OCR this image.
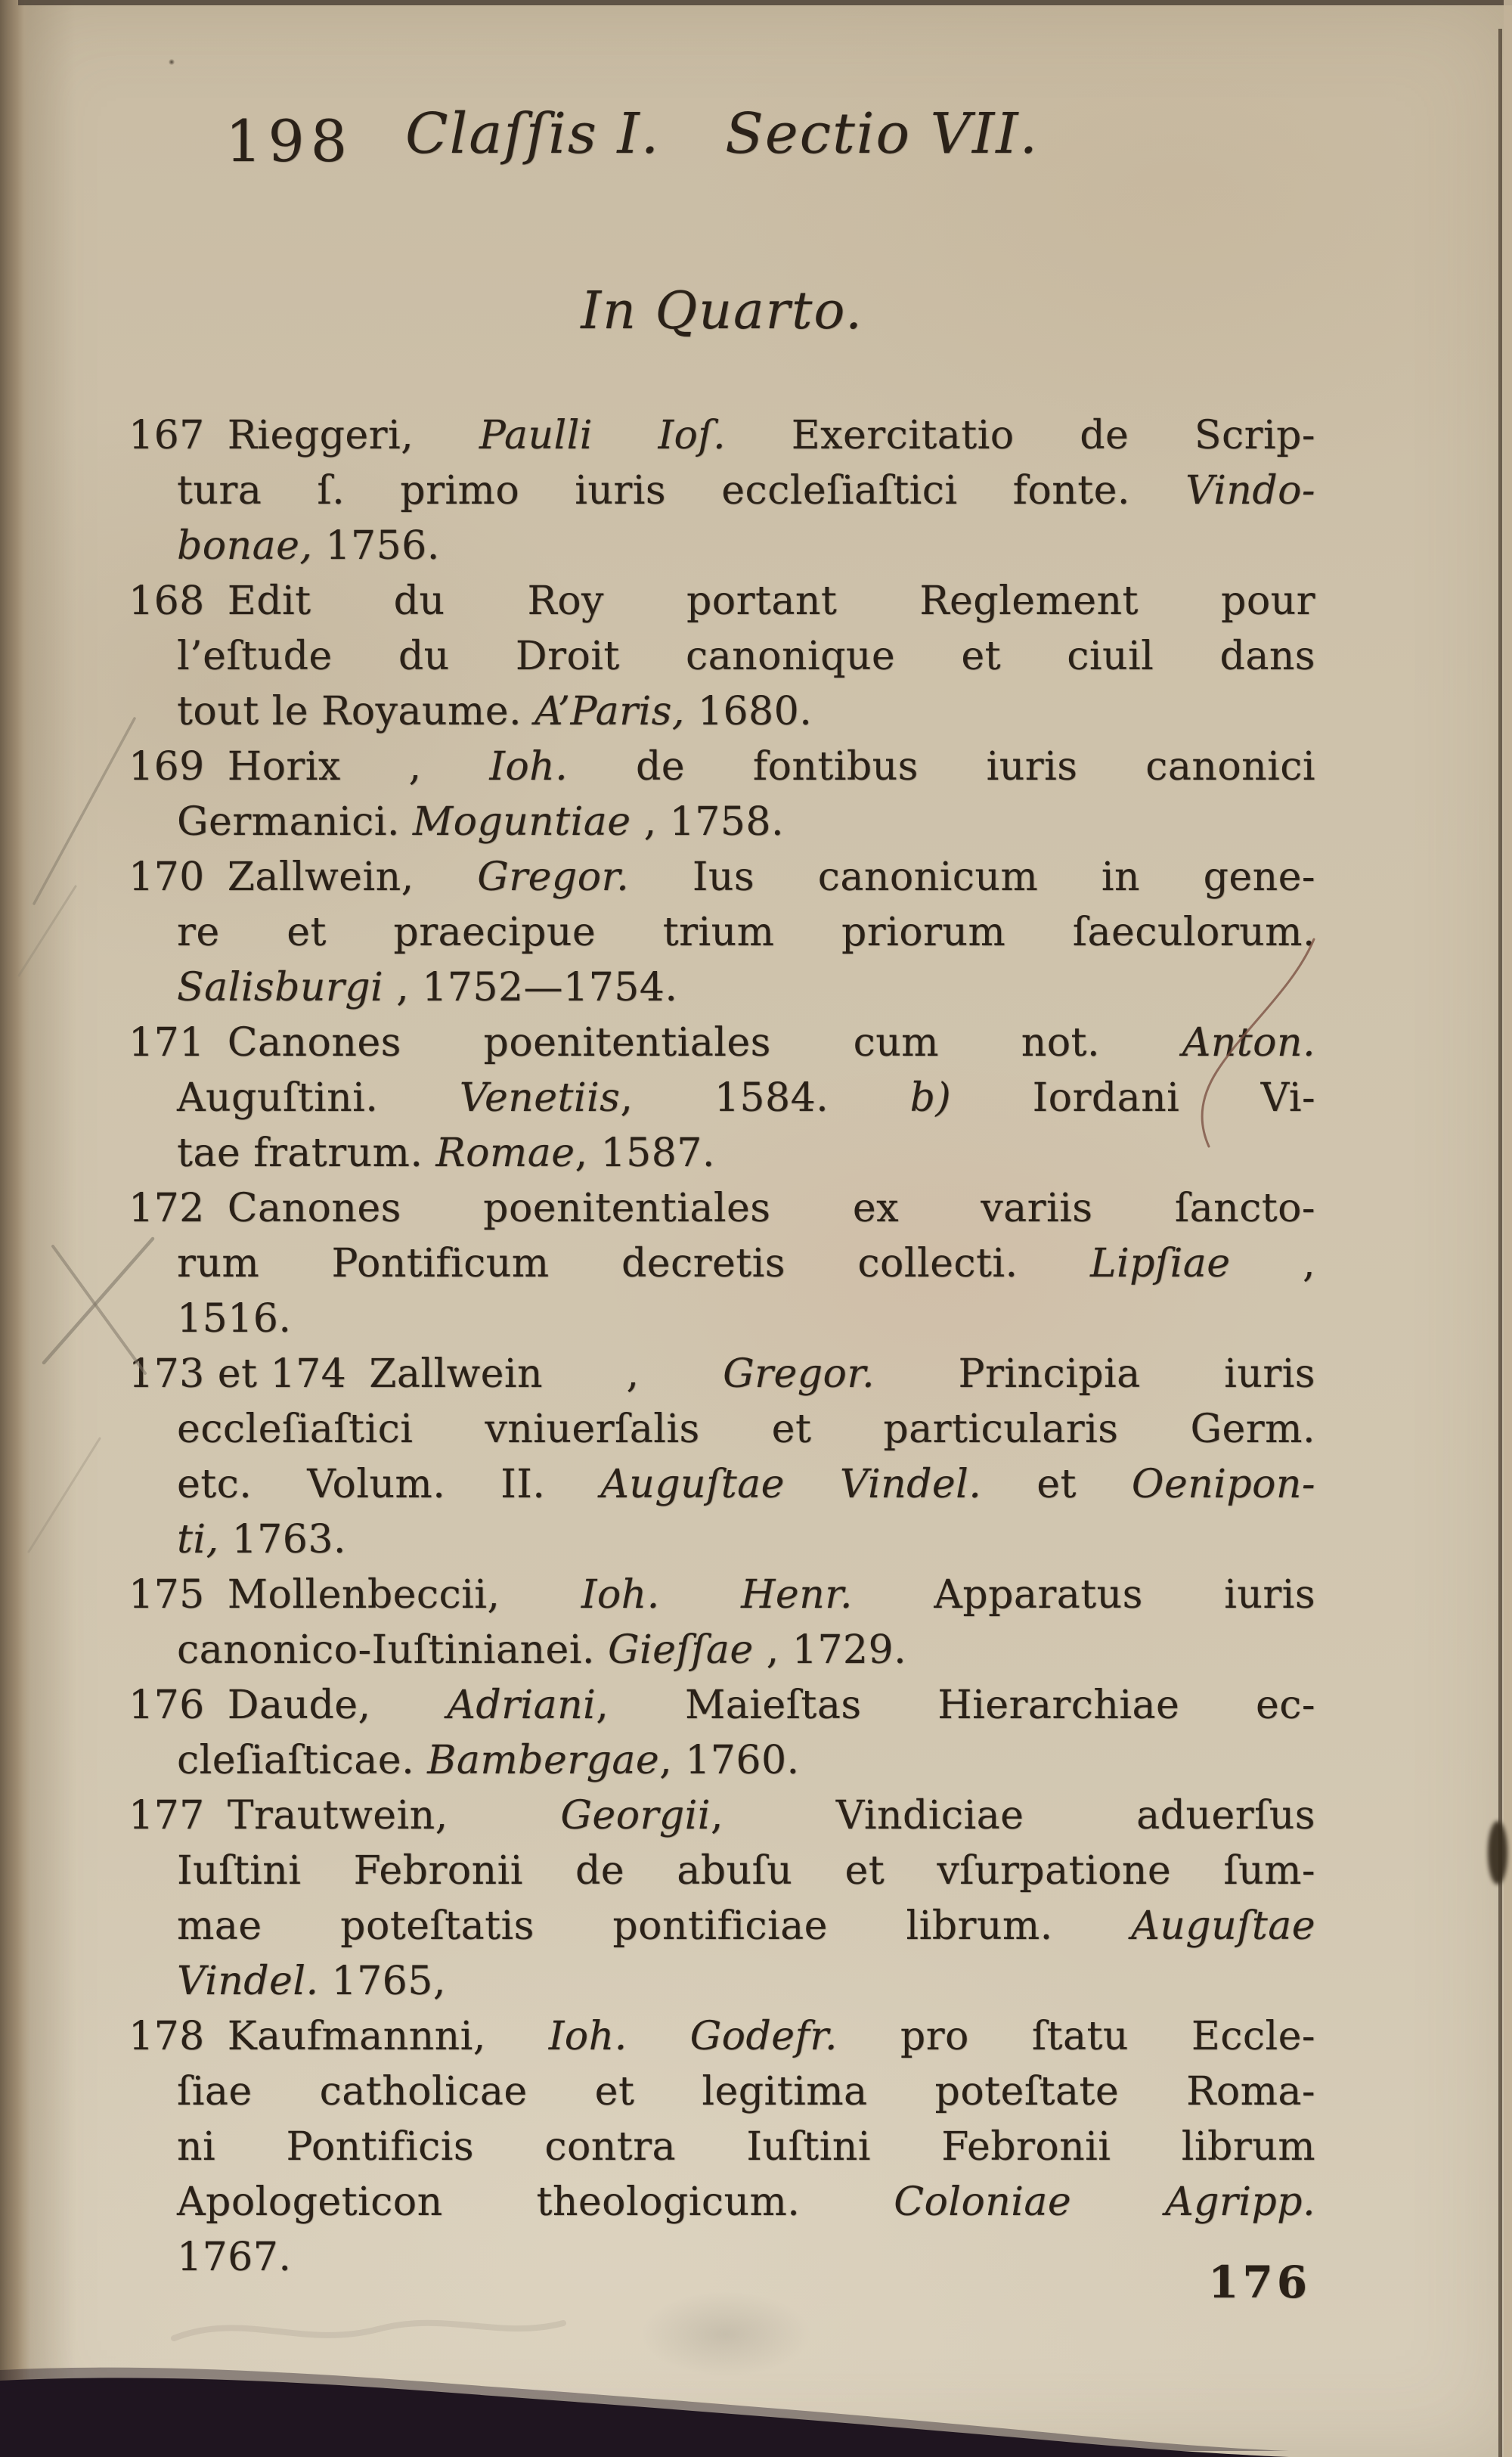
198 Claſſis I. Sectio VII.
In Quarto.
167 Rieggeri, Paulli Ioſ. Exercitatio de Scrip-
tura ſ. primo iuris eccleſiaſtici fonte. Vindo-
bonae, 1756.
168 Edit du Roy portant Reglement pour
l’eſtude du Droit canonique et ciuil dans
tout le Royaume. A’Paris, 1680.
169 Horix , Ioh. de fontibus iuris canonici
Germanici. Moguntiae , 1758.
170 Zallwein, Gregor. Ius canonicum in gene-
re et praecipue trium priorum ſaeculorum.
Salisburgi , 1752—1754.
171 Canones poenitentiales cum not. Anton.
Auguſtini. Venetiis, 1584. b) Iordani Vi-
tae fratrum. Romae, 1587.
172 Canones poenitentiales ex variis ſancto-
rum Pontificum decretis collecti. Lipſiae ,
1516.
173 et 174 Zallwein , Gregor. Principia iuris
eccleſiaſtici vniuerſalis et particularis Germ.
etc. Volum. II. Auguſtae Vindel. et Oenipon-
ti, 1763.
175 Mollenbeccii, Ioh. Henr. Apparatus iuris
canonico-Iuſtinianei. Gieſſae , 1729.
176 Daude, Adriani, Maieſtas Hierarchiae ec-
cleſiaſticae. Bambergae, 1760.
177 Trautwein, Georgii, Vindiciae aduerſus
Iuſtini Febronii de abuſu et vſurpatione ſum-
mae poteſtatis pontificiae librum. Auguſtae
Vindel. 1765,
178 Kaufmannni, Ioh. Godefr. pro ſtatu Eccle-
ſiae catholicae et legitima poteſtate Roma-
ni Pontificis contra Iuſtini Febronii librum
Apologeticon theologicum. Coloniae Agripp.
1767.	176
